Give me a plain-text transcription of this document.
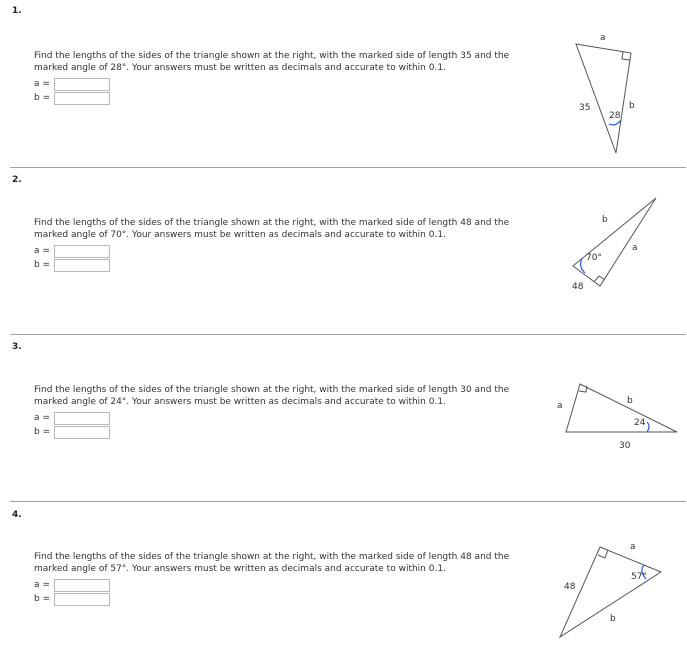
1.
Find the lengths of the sides of the triangle shown at the right, with the marked side of length 35 and the marked angle of 28°. Your answers must be written as decimals and accurate to within 0.1.
a =
b =
a
35
28
b
2.
Find the lengths of the sides of the triangle shown at the right, with the marked side of length 48 and the marked angle of 70°. Your answers must be written as decimals and accurate to within 0.1.
a =
b =
b
70°
a
48
3.
Find the lengths of the sides of the triangle shown at the right, with the marked side of length 30 and the marked angle of 24°. Your answers must be written as decimals and accurate to within 0.1.
a =
b =
a	b
24
30
4.
Find the lengths of the sides of the triangle shown at the right, with the marked side of length 48 and the marked angle of 57°. Your answers must be written as decimals and accurate to within 0.1.
a =
b =
a
57°
48
b
